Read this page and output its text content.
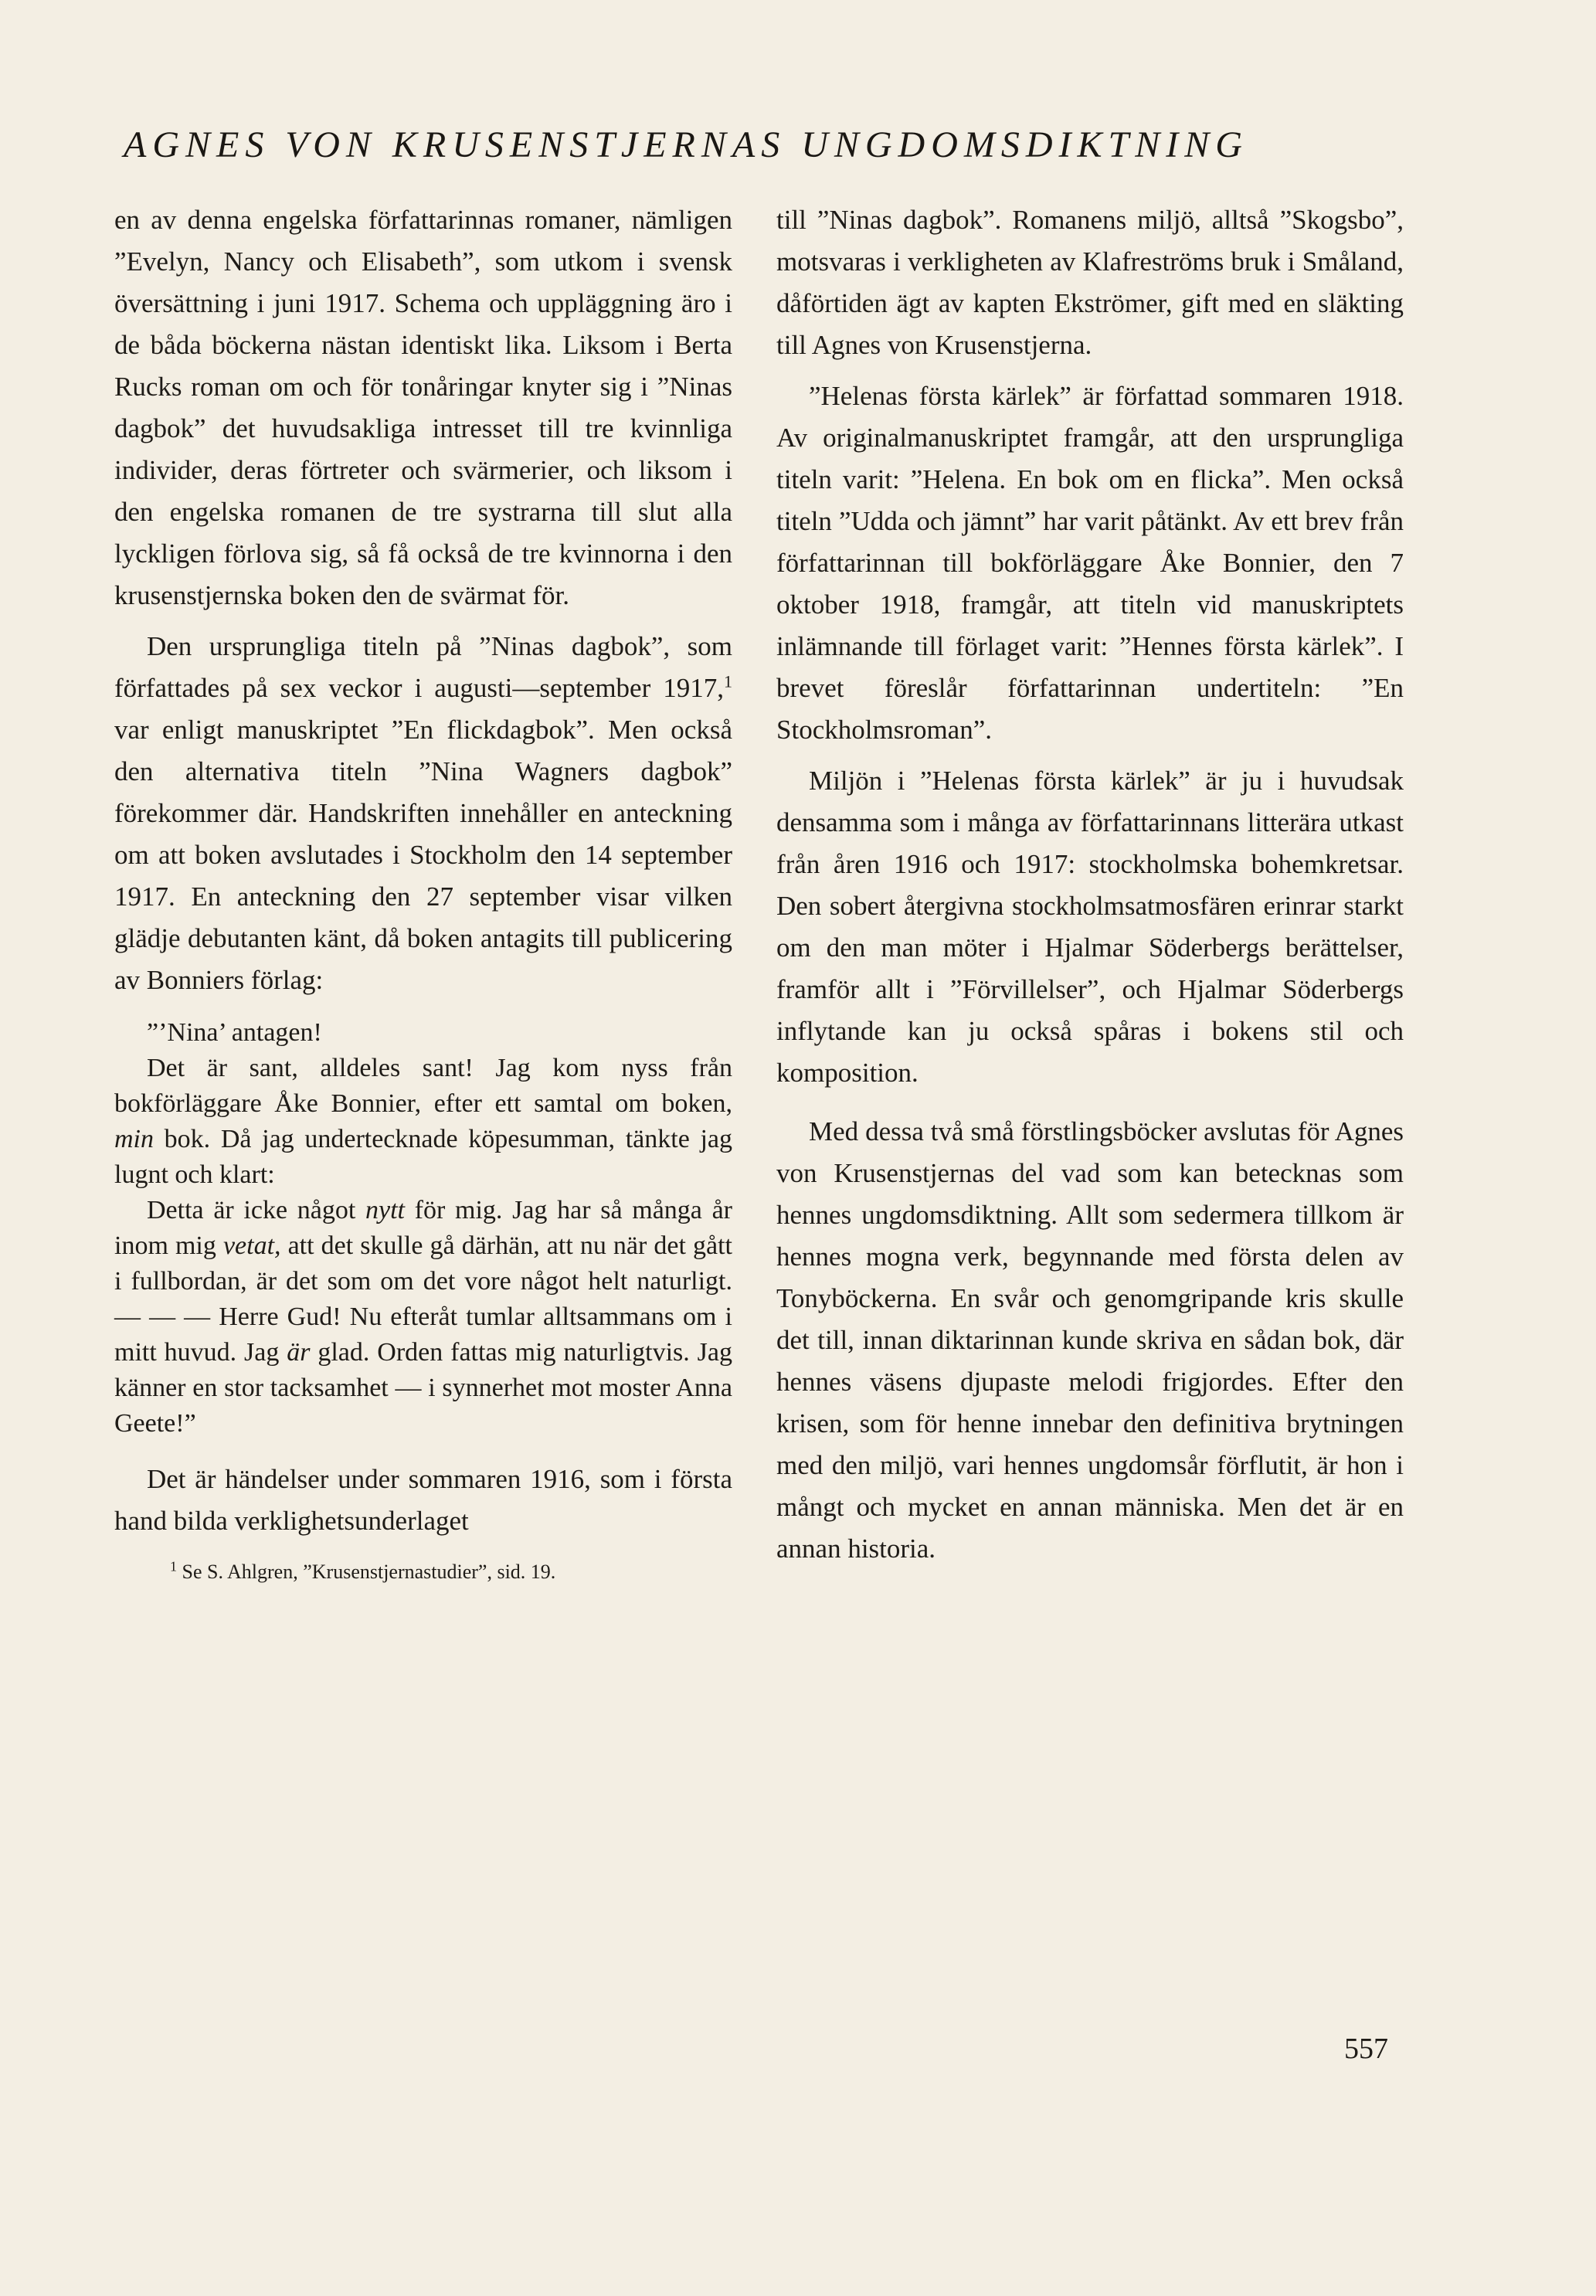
AGNES VON KRUSENSTJERNAS UNGDOMSDIKTNING

en av denna engelska författarinnas romaner, nämligen ”Evelyn, Nancy och Elisabeth”, som utkom i svensk översättning i juni 1917. Schema och uppläggning äro i de båda böckerna nästan identiskt lika. Liksom i Berta Rucks roman om och för tonåringar knyter sig i ”Ninas dagbok” det huvudsakliga intresset till tre kvinnliga individer, deras förtreter och svärmerier, och liksom i den engelska romanen de tre systrarna till slut alla lyckligen förlova sig, så få också de tre kvinnorna i den krusenstjernska boken den de svärmat för.

Den ursprungliga titeln på ”Ninas dagbok”, som författades på sex veckor i augusti—september 1917,$^1$ var enligt manuskriptet ”En flickdagbok”. Men också den alternativa titeln ”Nina Wagners dagbok” förekommer där. Handskriften innehåller en anteckning om att boken avslutades i Stockholm den 14 september 1917. En anteckning den 27 september visar vilken glädje debutanten känt, då boken antagits till publicering av Bonniers förlag:

”’Nina’ antagen!

Det är sant, alldeles sant! Jag kom nyss från bokförläggare Åke Bonnier, efter ett samtal om boken, min bok. Då jag undertecknade köpesumman, tänkte jag lugnt och klart:

Detta är icke något nytt för mig. Jag har så många år inom mig vetat, att det skulle gå därhän, att nu när det gått i fullbordan, är det som om det vore något helt naturligt. — — — Herre Gud! Nu efteråt tumlar alltsammans om i mitt huvud. Jag är glad. Orden fattas mig naturligtvis. Jag känner en stor tacksamhet — i synnerhet mot moster Anna Geete!”

Det är händelser under sommaren 1916, som i första hand bilda verklighetsunderlaget

$^1$ Se S. Ahlgren, ”Krusenstjernastudier”, sid. 19.

till ”Ninas dagbok”. Romanens miljö, alltså ”Skogsbo”, motsvaras i verkligheten av Klafreströms bruk i Småland, dåförtiden ägt av kapten Ekströmer, gift med en släkting till Agnes von Krusenstjerna.

”Helenas första kärlek” är författad sommaren 1918. Av originalmanuskriptet framgår, att den ursprungliga titeln varit: ”Helena. En bok om en flicka”. Men också titeln ”Udda och jämnt” har varit påtänkt. Av ett brev från författarinnan till bokförläggare Åke Bonnier, den 7 oktober 1918, framgår, att titeln vid manuskriptets inlämnande till förlaget varit: ”Hennes första kärlek”. I brevet föreslår författarinnan undertiteln: ”En Stockholmsroman”.

Miljön i ”Helenas första kärlek” är ju i huvudsak densamma som i många av författarinnans litterära utkast från åren 1916 och 1917: stockholmska bohemkretsar. Den sobert återgivna stockholmsatmosfären erinrar starkt om den man möter i Hjalmar Söderbergs berättelser, framför allt i ”Förvillelser”, och Hjalmar Söderbergs inflytande kan ju också spåras i bokens stil och komposition.

Med dessa två små förstlingsböcker avslutas för Agnes von Krusenstjernas del vad som kan betecknas som hennes ungdomsdiktning. Allt som sedermera tillkom är hennes mogna verk, begynnande med första delen av Tonyböckerna. En svår och genomgripande kris skulle det till, innan diktarinnan kunde skriva en sådan bok, där hennes väsens djupaste melodi frigjordes. Efter den krisen, som för henne innebar den definitiva brytningen med den miljö, vari hennes ungdomsår förflutit, är hon i mångt och mycket en annan människa. Men det är en annan historia.

557
